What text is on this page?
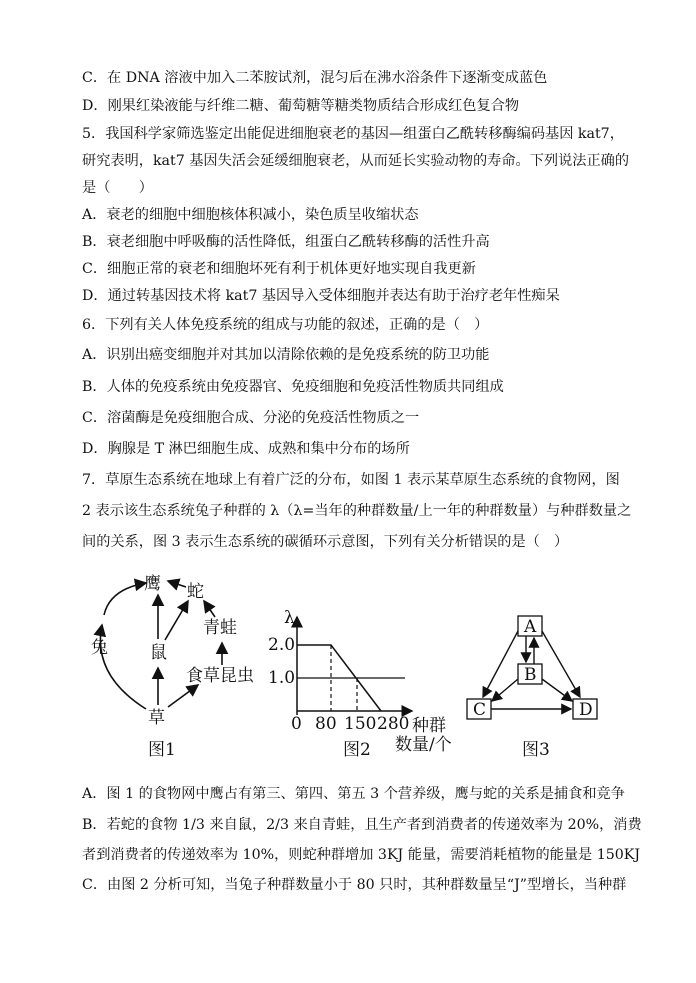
C．在 DNA 溶液中加入二苯胺试剂，混匀后在沸水浴条件下逐渐变成蓝色
D．刚果红染液能与纤维二糖、葡萄糖等糖类物质结合形成红色复合物
5．我国科学家筛选鉴定出能促进细胞衰老的基因—组蛋白乙酰转移酶编码基因 kat7，
研究表明，kat7 基因失活会延缓细胞衰老，从而延长实验动物的寿命。下列说法正确的
是（　　）
A．衰老的细胞中细胞核体积减小，染色质呈收缩状态
B．衰老细胞中呼吸酶的活性降低，组蛋白乙酰转移酶的活性升高
C．细胞正常的衰老和细胞坏死有利于机体更好地实现自我更新
D．通过转基因技术将 kat7 基因导入受体细胞并表达有助于治疗老年性痴呆
6．下列有关人体免疫系统的组成与功能的叙述，正确的是（　）
A．识别出癌变细胞并对其加以清除依赖的是免疫系统的防卫功能
B．人体的免疫系统由免疫器官、免疫细胞和免疫活性物质共同组成
C．溶菌酶是免疫细胞合成、分泌的免疫活性物质之一
D．胸腺是 T 淋巴细胞生成、成熟和集中分布的场所
7．草原生态系统在地球上有着广泛的分布，如图 1 表示某草原生态系统的食物网，图
2 表示该生态系统兔子种群的 λ（λ=当年的种群数量/上一年的种群数量）与种群数量之
间的关系，图 3 表示生态系统的碳循环示意图，下列有关分析错误的是（　）
鹰 蛇
青蛙
兔 鼠
食草昆虫
草
图1
λ
2.0
1.0
0 80 150 280 种群
数量/个
图2
A
B
C	D
图3
A．图 1 的食物网中鹰占有第三、第四、第五 3 个营养级，鹰与蛇的关系是捕食和竞争
B．若蛇的食物 1/3 来自鼠，2/3 来自青蛙，且生产者到消费者的传递效率为 20%，消费
者到消费者的传递效率为 10%，则蛇种群增加 3KJ 能量，需要消耗植物的能量是 150KJ
C．由图 2 分析可知，当兔子种群数量小于 80 只时，其种群数量呈“J”型增长，当种群
